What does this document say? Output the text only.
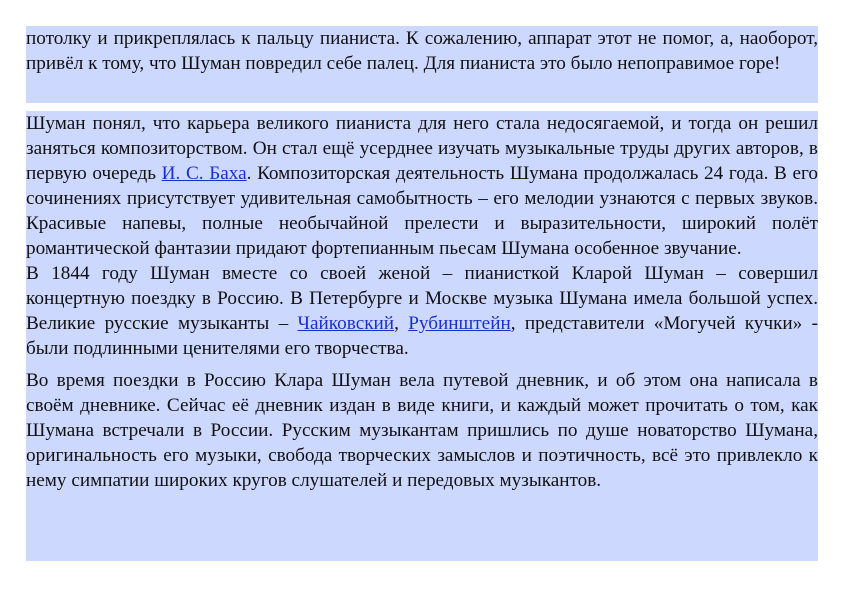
потолку и прикреплялась к пальцу пианиста. К сожалению, аппарат этот не помог, а, наоборот, привёл к тому, что Шуман повредил себе палец. Для пианиста это было непоправимое горе!

Шуман понял, что карьера великого пианиста для него стала недосягаемой, и тогда он решил заняться композиторством. Он стал ещё усерднее изучать музыкальные труды других авторов, в первую очередь И. С. Баха. Композиторская деятельность Шумана продолжалась 24 года. В его сочинениях присутствует удивительная самобытность – его мелодии узнаются с первых звуков. Красивые напевы, полные необычайной прелести и выразительности, широкий полёт романтической фантазии придают фортепианным пьесам Шумана особенное звучание.

В 1844 году Шуман вместе со своей женой – пианисткой Кларой Шуман – совершил концертную поездку в Россию. В Петербурге и Москве музыка Шумана имела большой успех. Великие русские музыканты – Чайковский, Рубинштейн, представители «Могучей кучки» - были подлинными ценителями его творчества.

Во время поездки в Россию Клара Шуман вела путевой дневник, и об этом она написала в своём дневнике. Сейчас её дневник издан в виде книги, и каждый может прочитать о том, как Шумана встречали в России. Русским музыкантам пришлись по душе новаторство Шумана, оригинальность его музыки, свобода творческих замыслов и поэтичность, всё это привлекло к нему симпатии широких кругов слушателей и передовых музыкантов.
